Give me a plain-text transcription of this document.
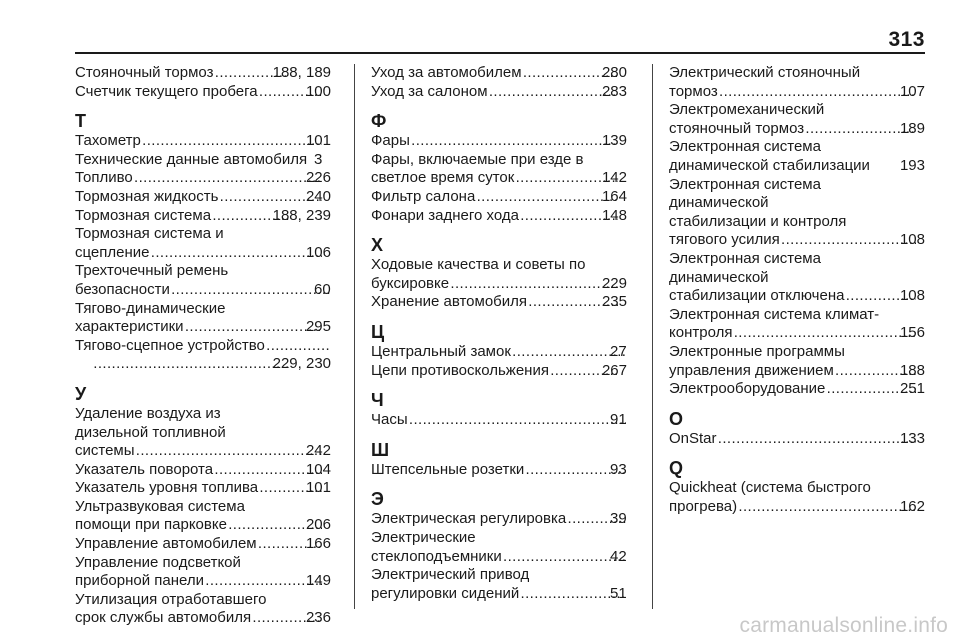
313
Стояночный тормоз .....	188, 189
Счетчик текущего пробега .....	100
Т
Тахометр .....	101
Технические данные автомобиля 3
Топливо .....	226
Тормозная жидкость .....	240
Тормозная система .....	188, 239
Тормозная система и
сцепление .....	106
Трехточечный ремень
безопасности .....	60
Тягово-динамические
характеристики .....	295
Тягово-сцепное устройство
.....
.....
229, 230
У
Удаление воздуха из
дизельной топливной
системы .....	242
Указатель поворота .....	104
Указатель уровня топлива .....	101
Ультразвуковая система
помощи при парковке .....	206
Управление автомобилем .....	166
Управление подсветкой
приборной панели .....	149
Утилизация отработавшего
срок службы автомобиля .....	236
Уход за автомобилем .....	280
Уход за салоном .....	283
Ф
Фары .....	139
Фары, включаемые при езде в
светлое время суток .....	142
Фильтр салона .....	164
Фонари заднего хода .....	148
Х
Ходовые качества и советы по
буксировке .....	229
Хранение автомобиля .....	235
Ц
Центральный замок .....	27
Цепи противоскольжения .....	267
Ч
Часы .....	91
Ш
Штепсельные розетки .....	93
Э
Электрическая регулировка .....	39
Электрические
стеклоподъемники .....	42
Электрический привод
регулировки сидений .....	51
Электрический стояночный
тормоз .....	107
Электромеханический
стояночный тормоз .....	189
Электронная система
динамической стабилизации 193
Электронная система
динамической
стабилизации и контроля
тягового усилия .....	108
Электронная система
динамической
стабилизации отключена .....	108
Электронная система климат-
контроля .....	156
Электронные программы
управления движением .....	188
Электрооборудование .....	251
O
OnStar .....	133
Q
Quickheat (система быстрого
прогрева) .....	162
carmanualsonline.info
